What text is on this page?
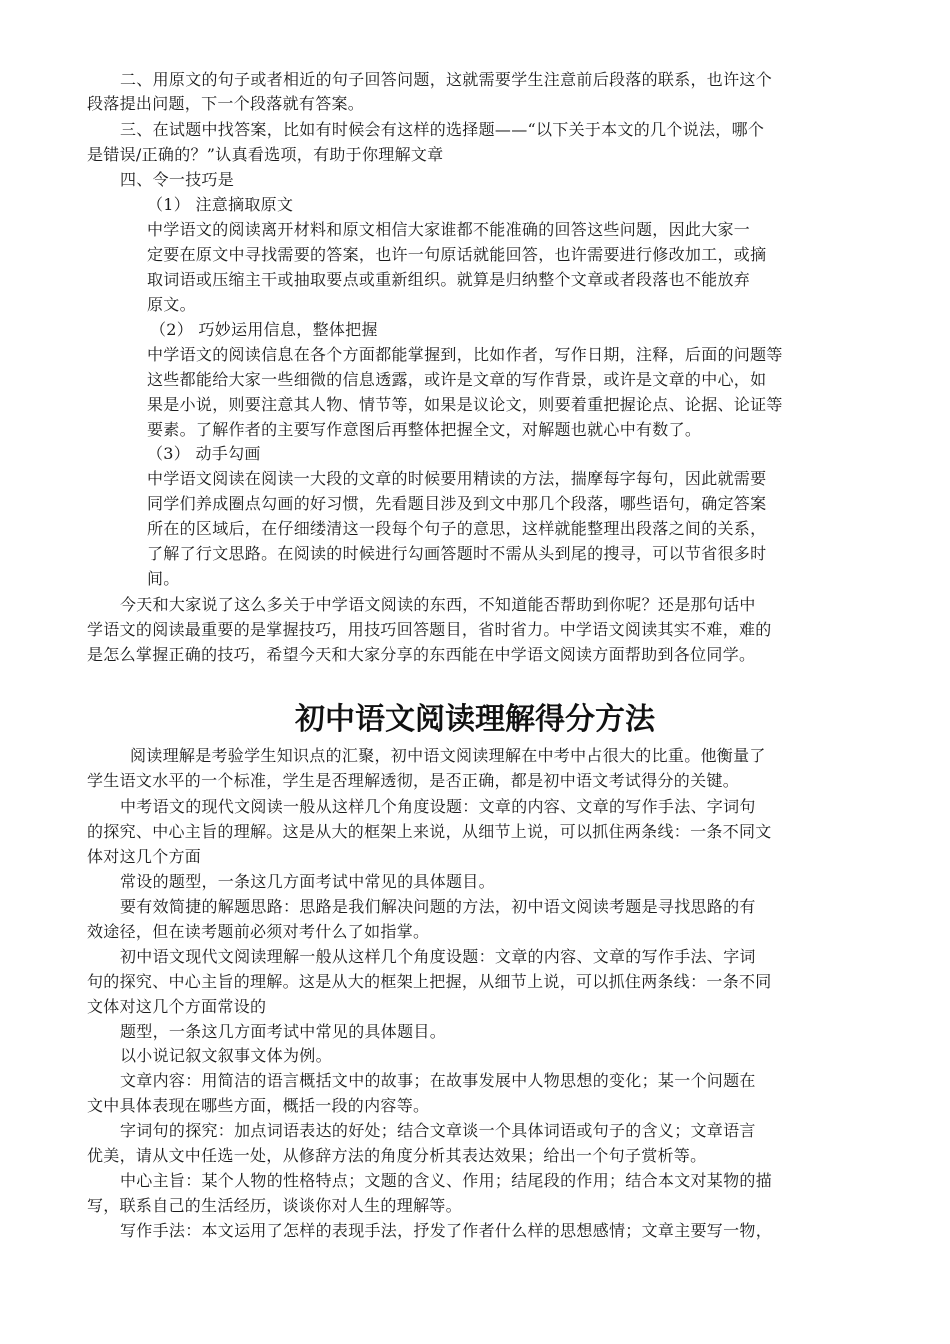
二、用原文的句子或者相近的句子回答问题，这就需要学生注意前后段落的联系，也许这个
段落提出问题，下一个段落就有答案。
三、在试题中找答案，比如有时候会有这样的选择题——“以下关于本文的几个说法，哪个
是错误/正确的？”认真看选项，有助于你理解文章
四、令一技巧是
（1） 注意摘取原文
中学语文的阅读离开材料和原文相信大家谁都不能准确的回答这些问题，因此大家一
定要在原文中寻找需要的答案，也许一句原话就能回答，也许需要进行修改加工，或摘
取词语或压缩主干或抽取要点或重新组织。就算是归纳整个文章或者段落也不能放弃
原文。
（2） 巧妙运用信息，整体把握
中学语文的阅读信息在各个方面都能掌握到，比如作者，写作日期，注释，后面的问题等
这些都能给大家一些细微的信息透露，或许是文章的写作背景，或许是文章的中心，如
果是小说，则要注意其人物、情节等，如果是议论文，则要着重把握论点、论据、论证等
要素。了解作者的主要写作意图后再整体把握全文，对解题也就心中有数了。
（3） 动手勾画
中学语文阅读在阅读一大段的文章的时候要用精读的方法，揣摩每字每句，因此就需要
同学们养成圈点勾画的好习惯，先看题目涉及到文中那几个段落，哪些语句，确定答案
所在的区域后，在仔细缕清这一段每个句子的意思，这样就能整理出段落之间的关系，
了解了行文思路。在阅读的时候进行勾画答题时不需从头到尾的搜寻，可以节省很多时
间。
今天和大家说了这么多关于中学语文阅读的东西，不知道能否帮助到你呢？还是那句话中
学语文的阅读最重要的是掌握技巧，用技巧回答题目，省时省力。中学语文阅读其实不难，难的
是怎么掌握正确的技巧，希望今天和大家分享的东西能在中学语文阅读方面帮助到各位同学。
初中语文阅读理解得分方法
阅读理解是考验学生知识点的汇聚，初中语文阅读理解在中考中占很大的比重。他衡量了
学生语文水平的一个标准，学生是否理解透彻，是否正确，都是初中语文考试得分的关键。
中考语文的现代文阅读一般从这样几个角度设题：文章的内容、文章的写作手法、字词句
的探究、中心主旨的理解。这是从大的框架上来说，从细节上说，可以抓住两条线：一条不同文
体对这几个方面
常设的题型，一条这几方面考试中常见的具体题目。
要有效简捷的解题思路：思路是我们解决问题的方法，初中语文阅读考题是寻找思路的有
效途径，但在读考题前必须对考什么了如指掌。
初中语文现代文阅读理解一般从这样几个角度设题：文章的内容、文章的写作手法、字词
句的探究、中心主旨的理解。这是从大的框架上把握，从细节上说，可以抓住两条线：一条不同
文体对这几个方面常设的
题型，一条这几方面考试中常见的具体题目。
以小说记叙文叙事文体为例。
文章内容：用简洁的语言概括文中的故事；在故事发展中人物思想的变化；某一个问题在
文中具体表现在哪些方面，概括一段的内容等。
字词句的探究：加点词语表达的好处；结合文章谈一个具体词语或句子的含义；文章语言
优美，请从文中任选一处，从修辞方法的角度分析其表达效果；给出一个句子赏析等。
中心主旨：某个人物的性格特点；文题的含义、作用；结尾段的作用；结合本文对某物的描
写，联系自己的生活经历，谈谈你对人生的理解等。
写作手法：本文运用了怎样的表现手法，抒发了作者什么样的思想感情；文章主要写一物，
